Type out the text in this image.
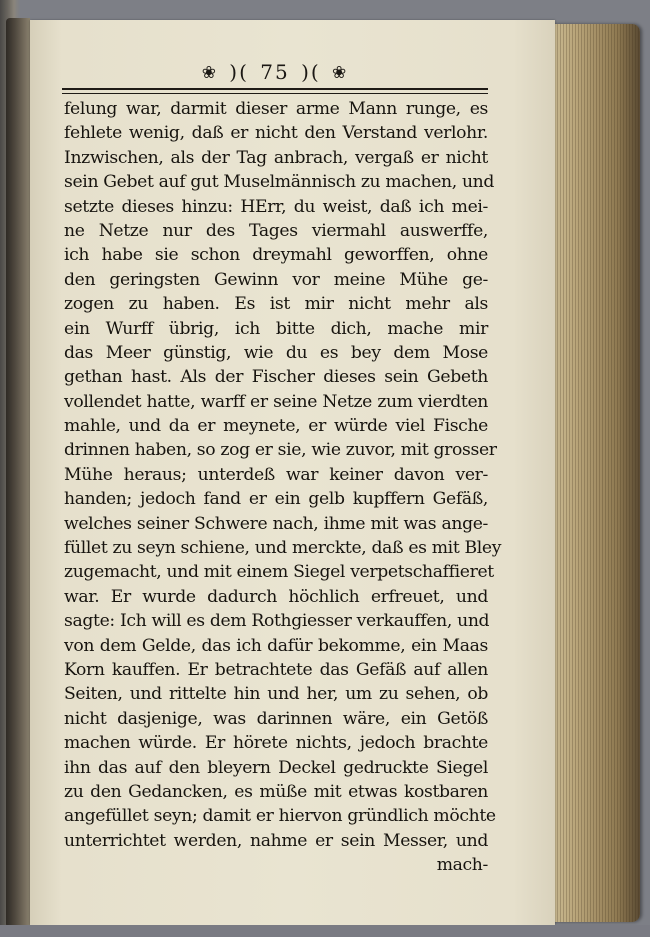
❀ )( 75 )( ❀
felung war, darmit dieser arme Mann runge, es
fehlete wenig, daß er nicht den Verstand verlohr.
Inzwischen, als der Tag anbrach, vergaß er nicht
sein Gebet auf gut Muselmännisch zu machen, und
setzte dieses hinzu: HErr, du weist, daß ich mei-
ne Netze nur des Tages viermahl auswerffe,
ich habe sie schon dreymahl geworffen, ohne
den geringsten Gewinn vor meine Mühe ge-
zogen zu haben. Es ist mir nicht mehr als
ein Wurff übrig, ich bitte dich, mache mir
das Meer günstig, wie du es bey dem Mose
gethan hast. Als der Fischer dieses sein Gebeth
vollendet hatte, warff er seine Netze zum vierdten
mahle, und da er meynete, er würde viel Fische
drinnen haben, so zog er sie, wie zuvor, mit grosser
Mühe heraus; unterdeß war keiner davon ver-
handen; jedoch fand er ein gelb kupffern Gefäß,
welches seiner Schwere nach, ihme mit was ange-
füllet zu seyn schiene, und merckte, daß es mit Bley
zugemacht, und mit einem Siegel verpetschaffieret
war. Er wurde dadurch höchlich erfreuet, und
sagte: Ich will es dem Rothgiesser verkauffen, und
von dem Gelde, das ich dafür bekomme, ein Maas
Korn kauffen. Er betrachtete das Gefäß auf allen
Seiten, und rittelte hin und her, um zu sehen, ob
nicht dasjenige, was darinnen wäre, ein Getöß
machen würde. Er hörete nichts, jedoch brachte
ihn das auf den bleyern Deckel gedruckte Siegel
zu den Gedancken, es müße mit etwas kostbaren
angefüllet seyn; damit er hiervon gründlich möchte
unterrichtet werden, nahme er sein Messer, und
mach-
